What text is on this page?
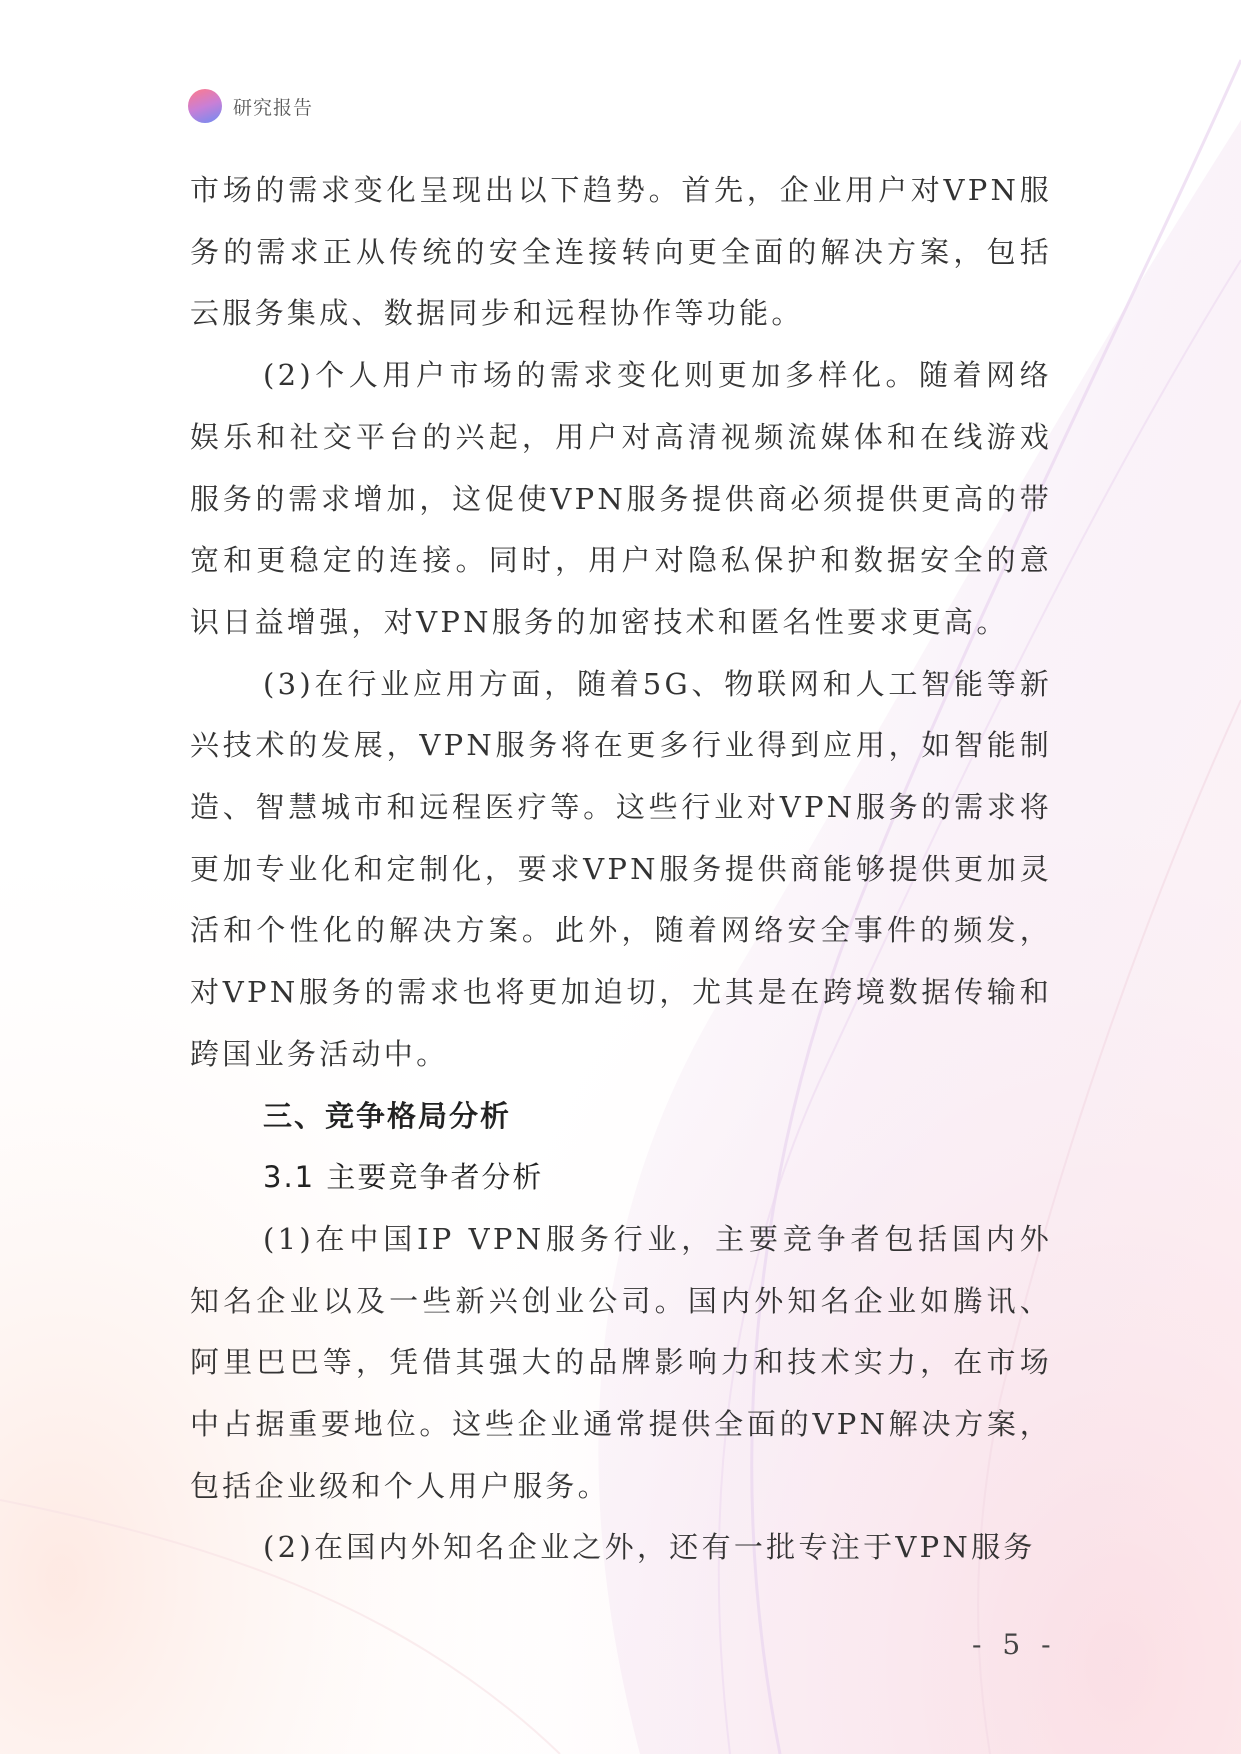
研究报告

市场的需求变化呈现出以下趋势。首先，企业用户对VPN服务的需求正从传统的安全连接转向更全面的解决方案，包括云服务集成、数据同步和远程协作等功能。

(2)个人用户市场的需求变化则更加多样化。随着网络娱乐和社交平台的兴起，用户对高清视频流媒体和在线游戏服务的需求增加，这促使VPN服务提供商必须提供更高的带宽和更稳定的连接。同时，用户对隐私保护和数据安全的意识日益增强，对VPN服务的加密技术和匿名性要求更高。

(3)在行业应用方面，随着5G、物联网和人工智能等新兴技术的发展，VPN服务将在更多行业得到应用，如智能制造、智慧城市和远程医疗等。这些行业对VPN服务的需求将更加专业化和定制化，要求VPN服务提供商能够提供更加灵活和个性化的解决方案。此外，随着网络安全事件的频发，对VPN服务的需求也将更加迫切，尤其是在跨境数据传输和跨国业务活动中。

三、竞争格局分析

3.1 主要竞争者分析

(1)在中国IP VPN服务行业，主要竞争者包括国内外知名企业以及一些新兴创业公司。国内外知名企业如腾讯、阿里巴巴等，凭借其强大的品牌影响力和技术实力，在市场中占据重要地位。这些企业通常提供全面的VPN解决方案，包括企业级和个人用户服务。

(2)在国内外知名企业之外，还有一批专注于VPN服务

- 5 -
